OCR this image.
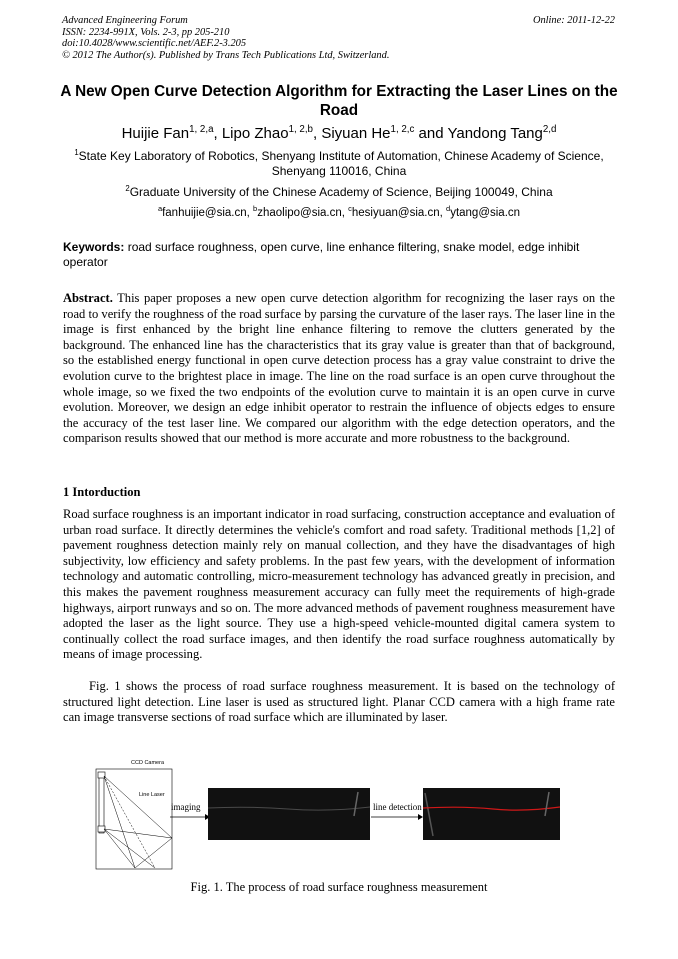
Advanced Engineering Forum
ISSN: 2234-991X, Vols. 2-3, pp 205-210
doi:10.4028/www.scientific.net/AEF.2-3.205
© 2012 The Author(s). Published by Trans Tech Publications Ltd, Switzerland.
Online: 2011-12-22
A New Open Curve Detection Algorithm for Extracting the Laser Lines on the Road
Huijie Fan$^{1, 2,a}$, Lipo Zhao$^{1, 2,b}$, Siyuan He$^{1, 2,c}$ and Yandong Tang$^{2,d}$
$^1$State Key Laboratory of Robotics, Shenyang Institute of Automation, Chinese Academy of Science, Shenyang 110016, China
$^2$Graduate University of the Chinese Academy of Science, Beijing 100049, China
$^a$fanhuijie@sia.cn, $^b$zhaolipo@sia.cn, $^c$hesiyuan@sia.cn, $^d$ytang@sia.cn
Keywords: road surface roughness, open curve, line enhance filtering, snake model, edge inhibit operator
Abstract. This paper proposes a new open curve detection algorithm for recognizing the laser rays on the road to verify the roughness of the road surface by parsing the curvature of the laser rays. The laser line in the image is first enhanced by the bright line enhance filtering to remove the clutters generated by the background. The enhanced line has the characteristics that its gray value is greater than that of background, so the established energy functional in open curve detection process has a gray value constraint to drive the evolution curve to the brightest place in image. The line on the road surface is an open curve throughout the whole image, so we fixed the two endpoints of the evolution curve to maintain it is an open curve in curve evolution. Moreover, we design an edge inhibit operator to restrain the influence of objects edges to ensure the accuracy of the test laser line. We compared our algorithm with the edge detection operators, and the comparison results showed that our method is more accurate and more robustness to the background.
1 Intorduction
Road surface roughness is an important indicator in road surfacing, construction acceptance and evaluation of urban road surface. It directly determines the vehicle's comfort and road safety. Traditional methods [1,2] of pavement roughness detection mainly rely on manual collection, and they have the disadvantages of high subjectivity, low efficiency and safety problems. In the past few years, with the development of information technology and automatic controlling, micro-measurement technology has advanced greatly in precision, and this makes the pavement roughness measurement accuracy can fully meet the requirements of high-grade highways, airport runways and so on. The more advanced methods of pavement roughness measurement have adopted the laser as the light source. They use a high-speed vehicle-mounted digital camera system to continually collect the road surface images, and then identify the road surface roughness automatically by means of image processing.
Fig. 1 shows the process of road surface roughness measurement. It is based on the technology of structured light detection. Line laser is used as structured light. Planar CCD camera with a high frame rate can image transverse sections of road surface which are illuminated by laser.
CCD Camera
Line Laser
imaging	line detection
Fig. 1. The process of road surface roughness measurement
